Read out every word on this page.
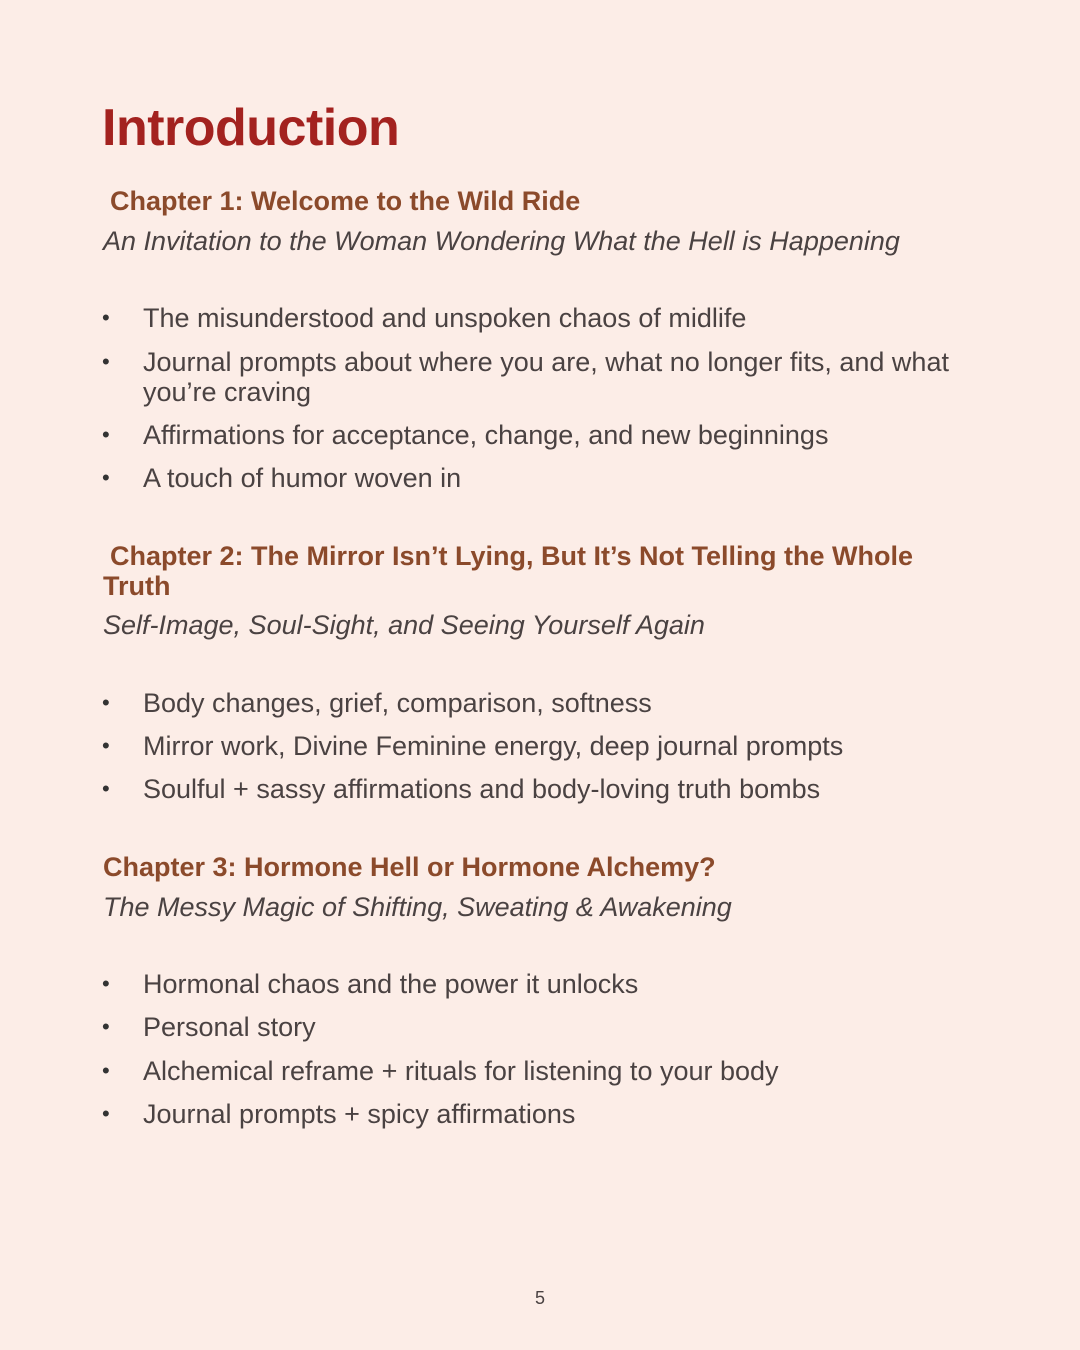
Introduction
Chapter 1: Welcome to the Wild Ride

An Invitation to the Woman Wondering What the Hell is Happening

•	The misunderstood and unspoken chaos of midlife
•	Journal prompts about where you are, what no longer fits, and what you’re craving
•	Affirmations for acceptance, change, and new beginnings
•	A touch of humor woven in
Chapter 2: The Mirror Isn’t Lying, But It’s Not Telling the Whole Truth

Self-Image, Soul-Sight, and Seeing Yourself Again

•	Body changes, grief, comparison, softness
•	Mirror work, Divine Feminine energy, deep journal prompts
•	Soulful + sassy affirmations and body-loving truth bombs
Chapter 3: Hormone Hell or Hormone Alchemy?

The Messy Magic of Shifting, Sweating & Awakening

•	Hormonal chaos and the power it unlocks
•	Personal story
•	Alchemical reframe + rituals for listening to your body
•	Journal prompts + spicy affirmations
5
